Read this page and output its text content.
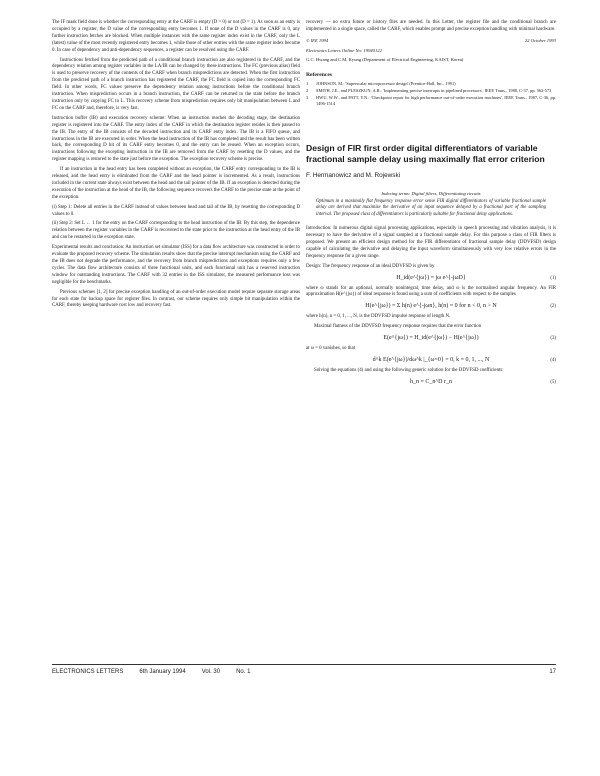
The IF mask field done is whether the corresponding entry at the CARF is empty (D = 0) or not (D = 1). As soon as an entry is occupied by a register, the D value of the corresponding entry becomes 1. If none of the D values in the CARF is 0, any further instruction fetches are blocked. When multiple instances with the same register index exist in the CARF, only the L (latest) value of the most recently registered entry becomes 1, while those of other entries with the same register index become 0. In case of dependency and anti-dependency sequences, a register can be resolved using the CARF.

Instructions fetched from the predicted path of a conditional branch instruction are also registered in the CARF, and the dependency relation among register variables in the LA/IB can be changed by these instructions. The FC (previous alias) field is used to preserve recovery of the contents of the CARF when branch mispredictions are detected. When the first instruction from the predicted path of a branch instruction has registered the CARF, the FC field is copied into the corresponding FC field. In other words, FC values preserve the dependency relation among instructions before the conditional branch instruction. When misprediction occurs in a branch instruction, the CARF can be returned to the state before the branch instruction only by copying FC to L. This recovery scheme from misprediction requires only bit manipulation between L and FC on the CARF and, therefore, is very fast.

Instruction buffer (IB) and execution recovery scheme: When an instruction reaches the decoding stage, the destination register is registered into the CARF. The entry index of the CARF in which the destination register resides is then passed to the IB. The entry of the IB consists of the decoded instruction and its CARF entry index. The IB is a FIFO queue, and instructions in the IB are executed in order. When the head instruction of the IB has completed and the result has been written back, the corresponding D bit of its CARF entry becomes 0, and the entry can be reused. When an exception occurs, instructions following the excepting instruction in the IB are removed from the CARF by resetting the D values, and the register mapping is restored to the state just before the exception. The exception recovery scheme is precise.

If an instruction in the head entry has been completed without an exception, the CARF entry corresponding to the IB is released, and the head entry is eliminated from the CARF and the head pointer is incremented. As a result, instructions included in the current state always exist between the head and the tail pointer of the IB. If an exception is detected during the execution of the instruction at the head of the IB, the following sequence recovers the CARF to the precise state at the point of the exception.

(i) Step 1: Delete all entries in the CARF instead of values between head and tail of the IB, by resetting the corresponding D values to 0.

(ii) Step 2: Set L ← 1 for the entry on the CARF corresponding to the head instruction of the IB. By this step, the dependence relation between the register variables in the CARF is recovered to the state prior to the instruction at the head entry of the IB and can be restarted in the exception state.

Experimental results and conclusion: An instruction set simulator (ISS) for a data flow architecture was constructed in order to evaluate the proposed recovery scheme. The simulation results show that the precise interrupt mechanism using the CARF and the IB does not degrade the performance, and the recovery from branch mispredictions and exceptions requires only a few cycles. The data flow architecture consists of three functional units, and each functional unit has a reserved instruction window for outstanding instructions. The CARF with 32 entries in the ISS simulator, the measured performance loss was negligible for the benchmarks.

Previous schemes [1, 2] for precise exception handling of an out-of-order execution model require separate storage areas for each state for backup space for register files. In contrast, our scheme requires only simple bit manipulation within the CARF, thereby keeping hardware cost low and recovery fast.

recovery — no extra future or history files are needed. In this Letter, the register file and the conditional branch are implemented in a single space, called the CARF, which enables prompt and precise exception handling with minimal hardware.

© IEE 1994	22 October 1993
Electronics Letters Online No: 19940122

G.C. Hwang and C.M. Kyung (Department of Electrical Engineering, KAIST, Korea)

References
1 JOHNSON, M.: 'Superscalar microprocessor design' (Prentice-Hall, Inc., 1991)
2 SMITH, J.E., and PLESZKUN, A.R.: 'Implementing precise interrupts in pipelined processors', IEEE Trans., 1988, C-37, pp. 562-573
3 HWU, W.W., and PATT, Y.N.: 'Checkpoint repair for high performance out-of-order execution machines', IEEE Trans., 1987, C-36, pp. 1496-1514
Design of FIR first order digital differentiators of variable fractional sample delay using maximally flat error criterion
F. Hermanowicz and M. Rojewski
Indexing terms: Digital filters, Differentiating circuits

Optimum in a maximally flat frequency response error sense FIR digital differentiators of variable fractional sample delay are derived that maximize the derivative of an input sequence delayed by a fractional part of the sampling interval. The proposed class of differentiators is particularly suitable for fractional delay applications.

Introduction: In numerous digital signal processing applications, especially in speech processing and vibration analysis, it is necessary to have the derivative of a signal sampled at a fractional sample delay. For this purpose a class of FIR filters is proposed. We present an efficient design method for the FIR differentiator of fractional sample delay (DDVFSD) design capable of calculating the derivative and delaying the input waveform simultaneously with very low relative errors in the frequency response for a given range.

Design: The frequency response of an ideal DDVFSD is given by

H_id(e^{jω}) = jω e^{-jωD}	(1)

where ω stands for an optional, normally nonintegral, time delay, and ω is the normalised angular frequency. An FIR approximation H(e^{jω}) of ideal response is found using a sum of coefficients with respect to the samples

H(e^{jω}) = Σ h(n) e^{-jωn}, h(n) = 0 for n < 0, n > N	(2)

where h(n), n = 0, 1, ..., N, is the DDVFSD impulse response of length N.

Maximal flatness of the DDVFSD frequency response requires that the error function

E(e^{jω}) = H_id(e^{jω}) − H(e^{jω})	(3)

at ω = 0 vanishes, so that

d^k E(e^{jω})/dω^k |_{ω=0} = 0, k = 0, 1, ..., N	(4)

Solving the equations (4) and using the following generic solution for the DDVFSD coefficients:

h_n = C_n^D r_n	(5)
ELECTRONICS LETTERS	6th January 1994	Vol. 30	No. 1	17
